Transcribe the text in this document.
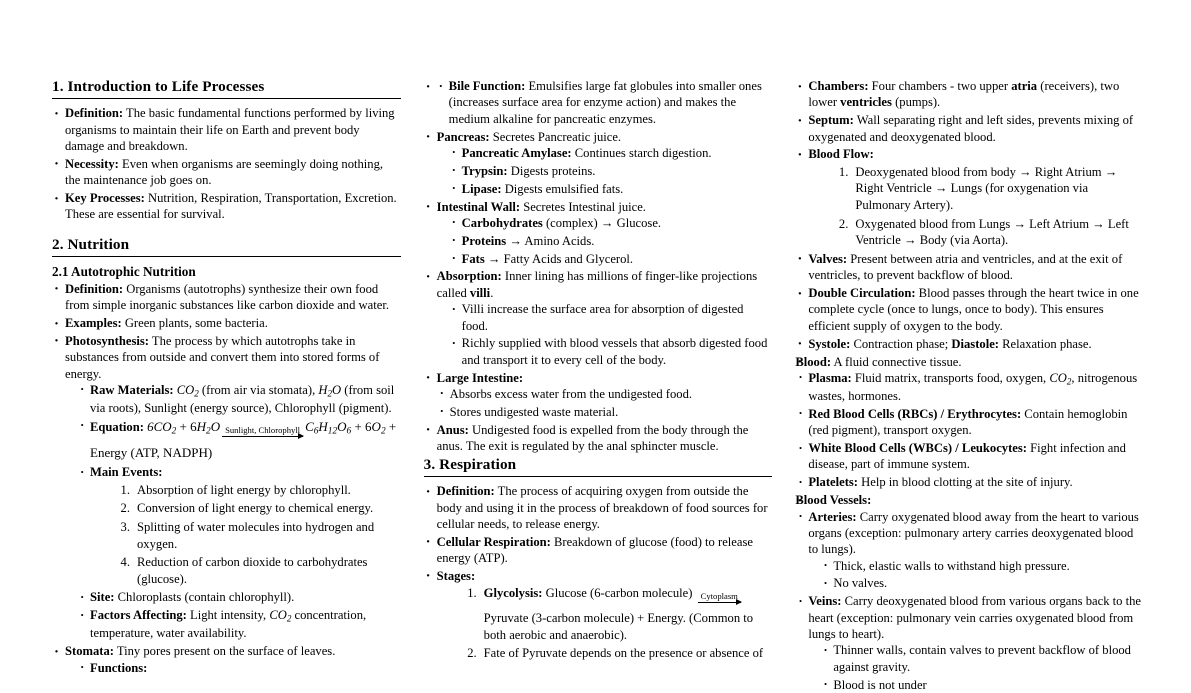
1. Introduction to Life Processes
· Definition: The basic fundamental functions performed by living organisms to maintain their life on Earth and prevent body damage and breakdown.
· Necessity: Even when organisms are seemingly doing nothing, the maintenance job goes on.
· Key Processes: Nutrition, Respiration, Transportation, Excretion. These are essential for survival.
2. Nutrition
2.1 Autotrophic Nutrition
· Definition: Organisms (autotrophs) synthesize their own food from simple inorganic substances like carbon dioxide and water.
· Examples: Green plants, some bacteria.
· Photosynthesis: The process by which autotrophs take in substances from outside and convert them into stored forms of energy.
· Raw Materials: $CO_2$ (from air via stomata), $H_2O$ (from soil via roots), Sunlight (energy source), Chlorophyll (pigment).
· Equation: $6CO_2 + 6H_2O$ Sunlight, Chlorophyll $C_6H_{12}O_6 + 6O_2$ + Energy (ATP, NADPH)
· Main Events:
Absorption of light energy by chlorophyll.
Conversion of light energy to chemical energy.
Splitting of water molecules into hydrogen and oxygen.
Reduction of carbon dioxide to carbohydrates (glucose).
· Site: Chloroplasts (contain chlorophyll).
· Factors Affecting: Light intensity, $CO_2$ concentration, temperature, water availability.
· Stomata: Tiny pores present on the surface of leaves.
· Functions:
· · Bile Function: Emulsifies large fat globules into smaller ones (increases surface area for enzyme action) and makes the medium alkaline for pancreatic enzymes.
· Pancreas: Secretes Pancreatic juice.
· Pancreatic Amylase: Continues starch digestion.
· Trypsin: Digests proteins.
· Lipase: Digests emulsified fats.
· Intestinal Wall: Secretes Intestinal juice.
· Carbohydrates (complex) → Glucose.
· Proteins → Amino Acids.
· Fats → Fatty Acids and Glycerol.
· Absorption: Inner lining has millions of finger-like projections called villi.
· Villi increase the surface area for absorption of digested food.
· Richly supplied with blood vessels that absorb digested food and transport it to every cell of the body.
· Large Intestine:
· Absorbs excess water from the undigested food.
· Stores undigested waste material.
· Anus: Undigested food is expelled from the body through the anus. The exit is regulated by the anal sphincter muscle.
3. Respiration
· Definition: The process of acquiring oxygen from outside the body and using it in the process of breakdown of food sources for cellular needs, to release energy.
· Cellular Respiration: Breakdown of glucose (food) to release energy (ATP).
· Stages:
Glycolysis: Glucose (6-carbon molecule) Cytoplasm
Pyruvate (3-carbon molecule) + Energy. (Common to both aerobic and anaerobic).
Fate of Pyruvate depends on the presence or absence of
· Chambers: Four chambers - two upper atria (receivers), two lower ventricles (pumps).
· Septum: Wall separating right and left sides, prevents mixing of oxygenated and deoxygenated blood.
· Blood Flow:
Deoxygenated blood from body → Right Atrium → Right Ventricle → Lungs (for oxygenation via Pulmonary Artery).
Oxygenated blood from Lungs → Left Atrium → Left Ventricle → Body (via Aorta).
· Valves: Present between atria and ventricles, and at the exit of ventricles, to prevent backflow of blood.
· Double Circulation: Blood passes through the heart twice in one complete cycle (once to lungs, once to body). This ensures efficient supply of oxygen to the body.
· Systole: Contraction phase; Diastole: Relaxation phase.
· Blood: A fluid connective tissue.
· Plasma: Fluid matrix, transports food, oxygen, $CO_2$, nitrogenous wastes, hormones.
· Red Blood Cells (RBCs) / Erythrocytes: Contain hemoglobin (red pigment), transport oxygen.
· White Blood Cells (WBCs) / Leukocytes: Fight infection and disease, part of immune system.
· Platelets: Help in blood clotting at the site of injury.
· Blood Vessels:
· Arteries: Carry oxygenated blood away from the heart to various organs (exception: pulmonary artery carries deoxygenated blood to lungs).
· Thick, elastic walls to withstand high pressure.
· No valves.
· Veins: Carry deoxygenated blood from various organs back to the heart (exception: pulmonary vein carries oxygenated blood from lungs to heart).
· Thinner walls, contain valves to prevent backflow of blood against gravity.
· Blood is not under
